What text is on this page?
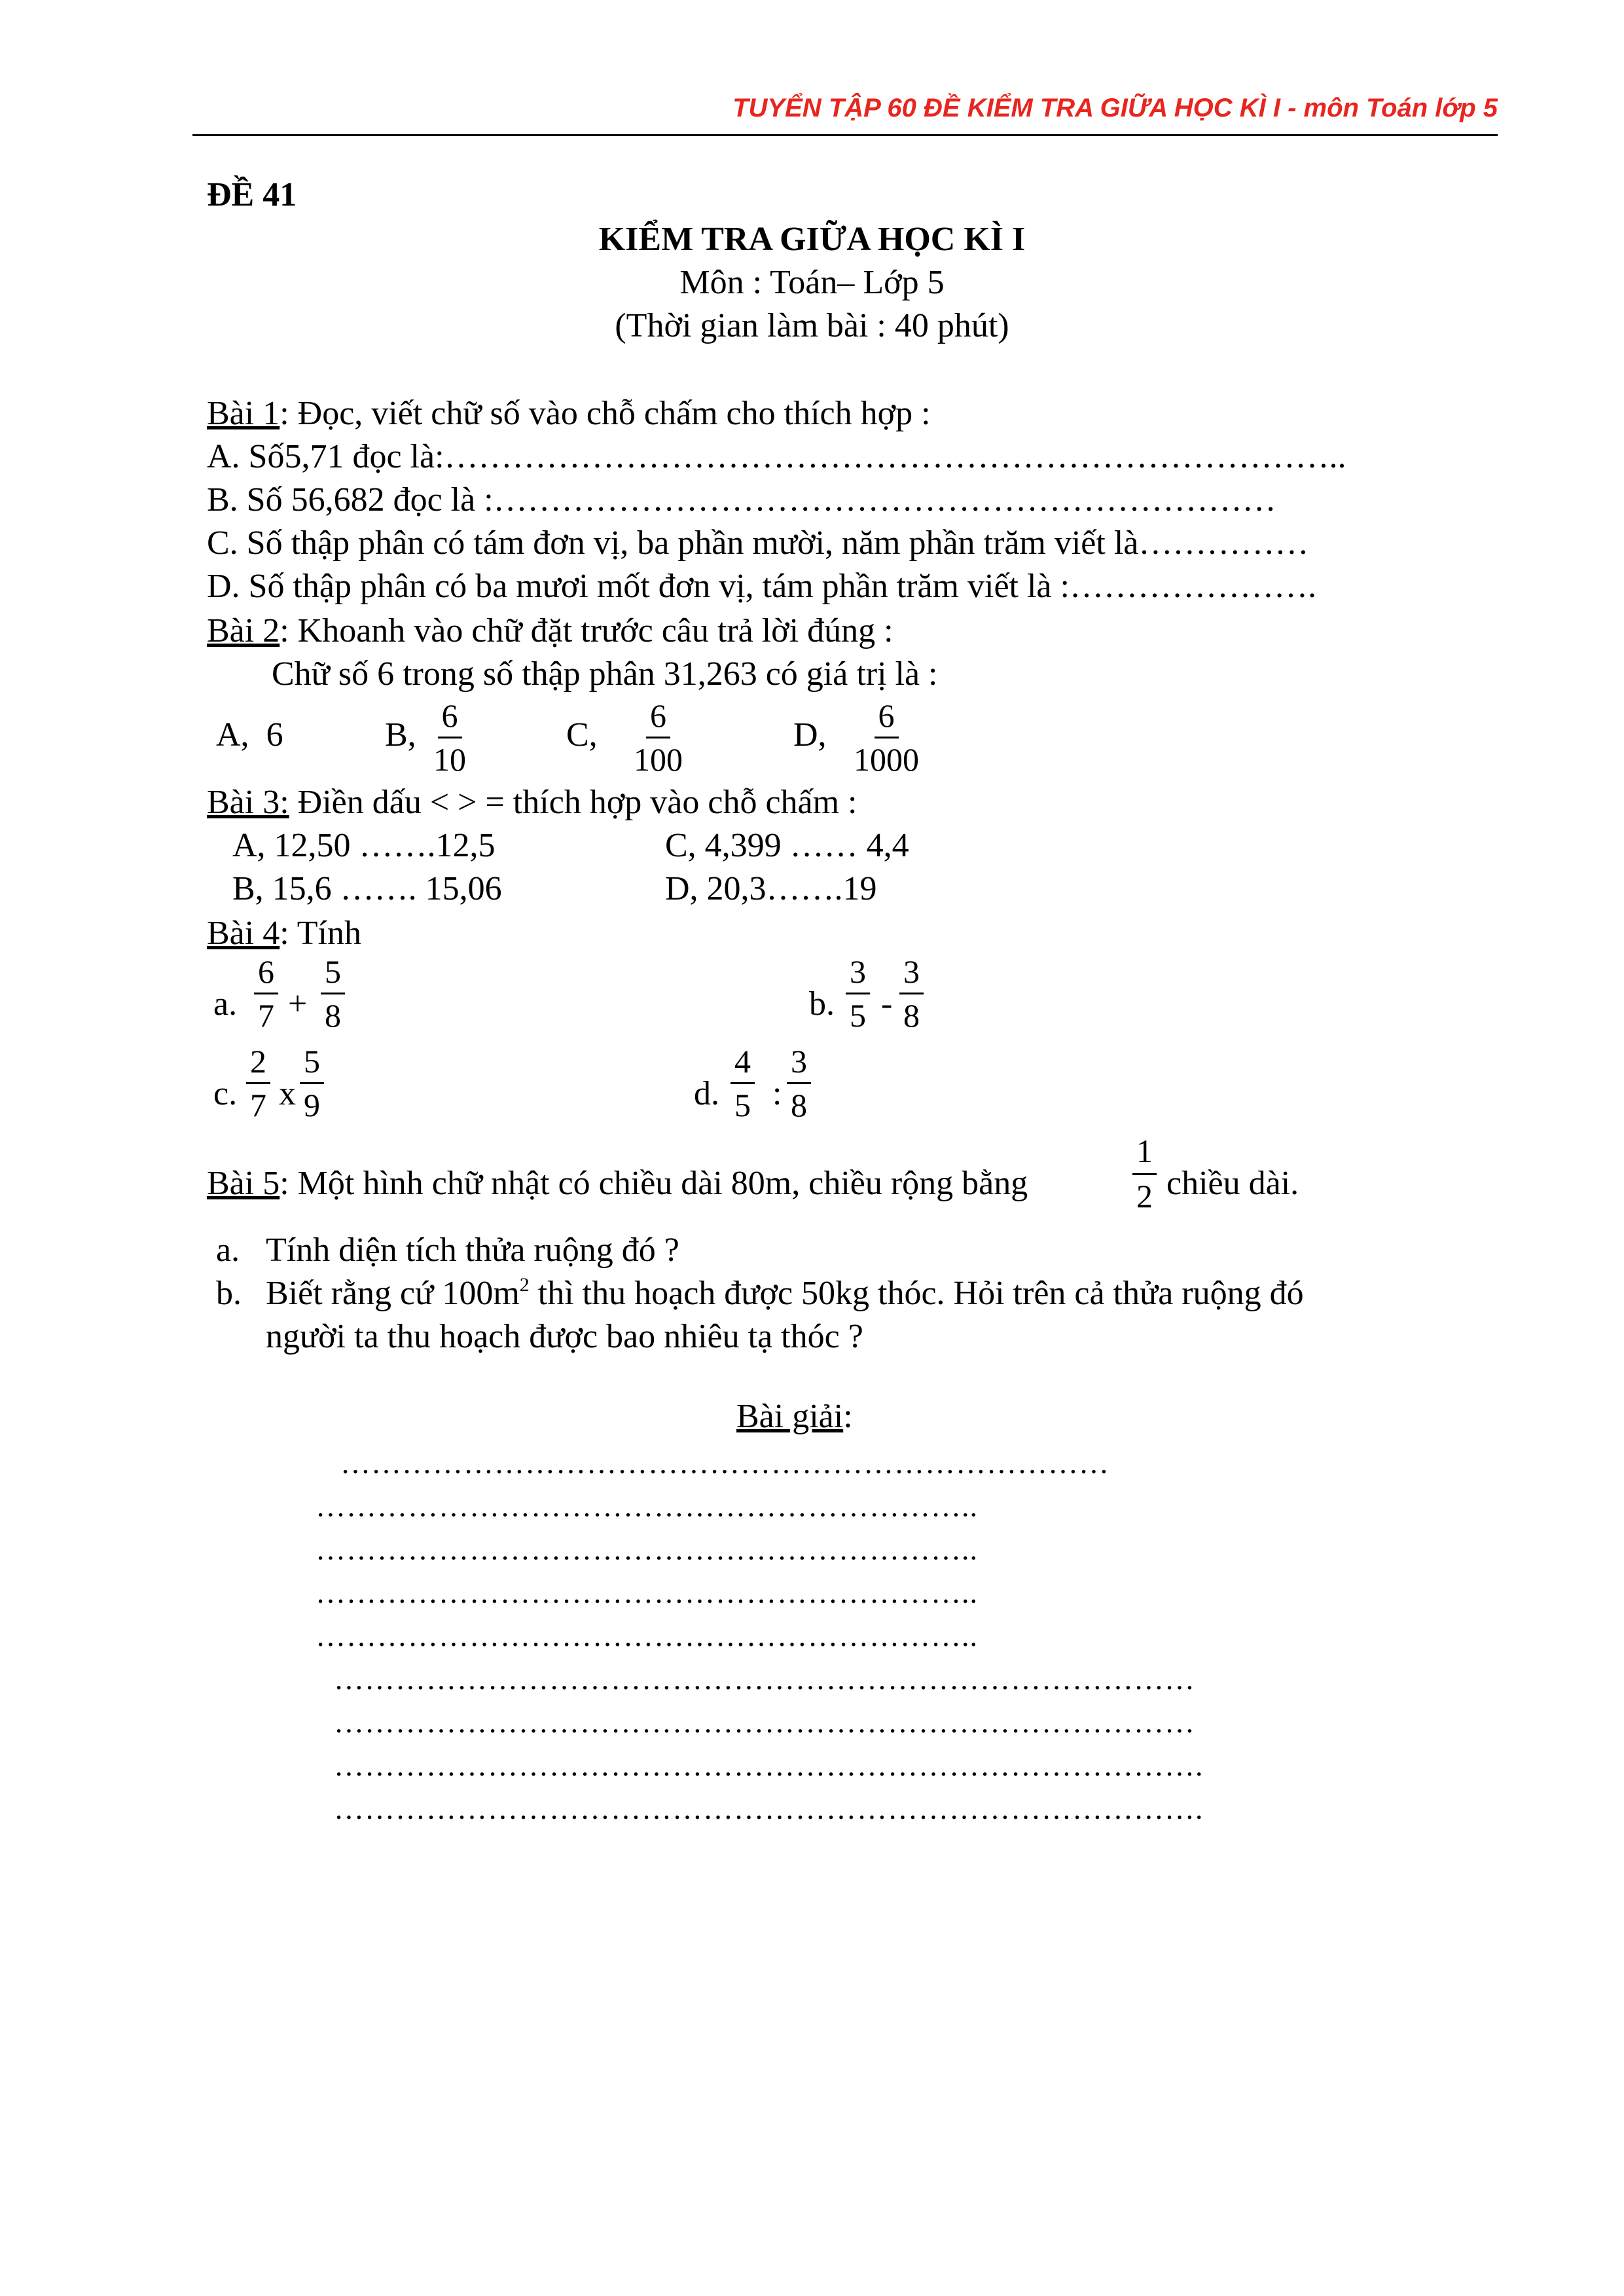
TUYỂN TẬP 60 ĐỀ KIỂM TRA GIỮA HỌC KÌ I - môn Toán lớp 5
ĐỀ 41
KIỂM TRA GIỮA HỌC KÌ I
Môn : Toán– Lớp 5
(Thời gian làm bài : 40 phút)
Bài 1: Đọc, viết chữ số vào chỗ chấm cho thích hợp :
A. Số5,71 đọc là:……………………………………………………………………..
B. Số 56,682 đọc là :……………………………………………………………
C. Số thập phân có tám đơn vị, ba phần mười, năm phần trăm viết là……………
D. Số thập phân có ba mươi mốt đơn vị, tám phần trăm viết là :………………….
Bài 2: Khoanh vào chữ đặt trước câu trả lời đúng :
Chữ số 6 trong số thập phân 31,263 có giá trị là :
A, 6	B, $\frac{6}{10}$	C, $\frac{6}{100}$	D, $\frac{6}{1000}$
Bài 3: Điền dấu < > = thích hợp vào chỗ chấm :
A, 12,50 …….12,5	C, 4,399 …… 4,4
B, 15,6 ……. 15,06	D, 20,3…….19
Bài 4: Tính
a. $\frac{6}{7} + \frac{5}{8}$	b. $\frac{3}{5} - \frac{3}{8}$
c. $\frac{2}{7}$ x $\frac{5}{9}$	d. $\frac{4}{5}$ : $\frac{3}{8}$
Bài 5: Một hình chữ nhật có chiều dài 80m, chiều rộng bằng	$\frac{1}{2}$ chiều dài.
a. Tính diện tích thửa ruộng đó ?
b. Biết rằng cứ $100m^2$ thì thu hoạch được 50kg thóc. Hỏi trên cả thửa ruộng đó
người ta thu hoạch được bao nhiêu tạ thóc ?
Bài giải:
…………………………………………………………………
………………………………………………………..
………………………………………………………..
………………………………………………………..
………………………………………………………..
…………………………………………………………………………
…………………………………………………………………………
………………………………………………………………………….
………………………………………………………………………….
